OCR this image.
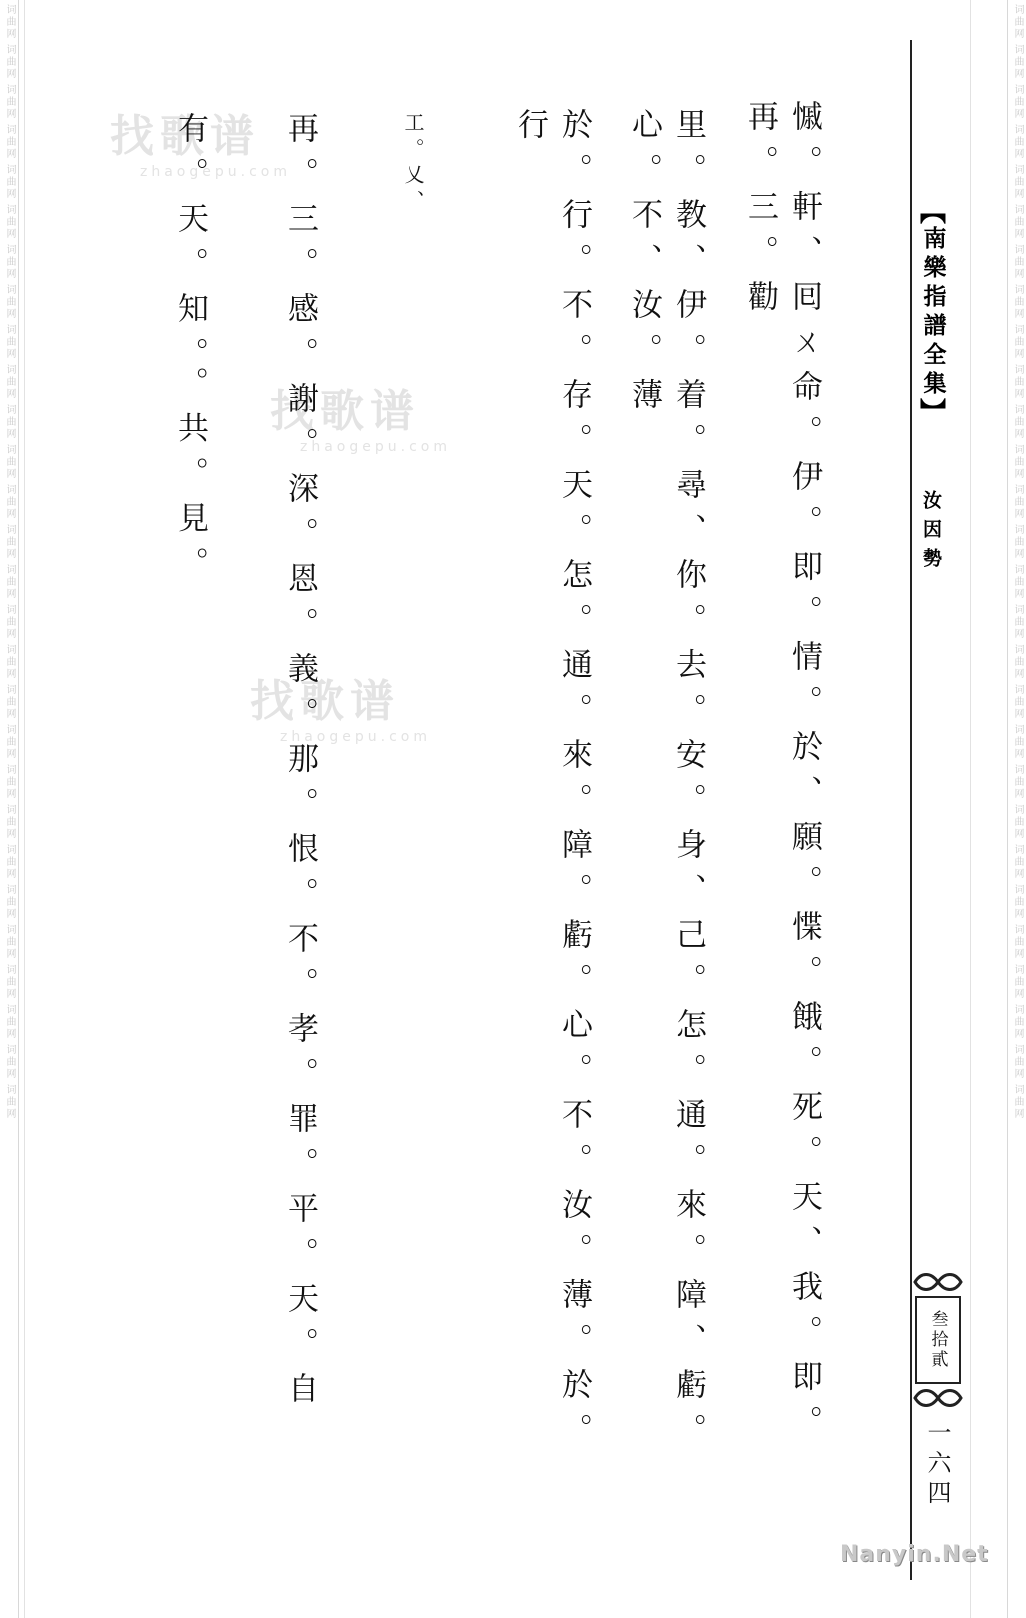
词曲网
词曲网
词曲网
词曲网
词曲网
词曲网
词曲网
词曲网
词曲网
词曲网
词曲网
词曲网
词曲网
词曲网
词曲网
词曲网
词曲网
词曲网
词曲网
词曲网
词曲网
词曲网
词曲网
词曲网
词曲网
词曲网
词曲网
词曲网
词曲网
词曲网
词曲网
词曲网
词曲网
词曲网
词曲网
词曲网
词曲网
词曲网
词曲网
词曲网
词曲网
词曲网
词曲网
词曲网
词曲网
词曲网
词曲网
词曲网
词曲网
词曲网
词曲网
词曲网
词曲网
词曲网
词曲网
词曲网
找歌谱
zhaogepu.com
找歌谱
zhaogepu.com
找歌谱
zhaogepu.com
︻
南樂指譜全集
︼
汝因勢
叁拾貳
一六四
Nanyin.Net
慽。軒、囘ㄨ命。伊。即。情。於、願。惵。餓。死。天、我。即。再。三。勸
里。教、伊。着。尋、你。去。安。身、己。怎。通。來。障、虧。心。不、汝。薄
於。行。不。存。天。怎。通。來。障。虧。心。不。汝。薄。於。行
工。乂、
再。三。感。謝。深。恩。義。那。恨。不。孝。罪。平。天。自
有。天。知。。共。見。
